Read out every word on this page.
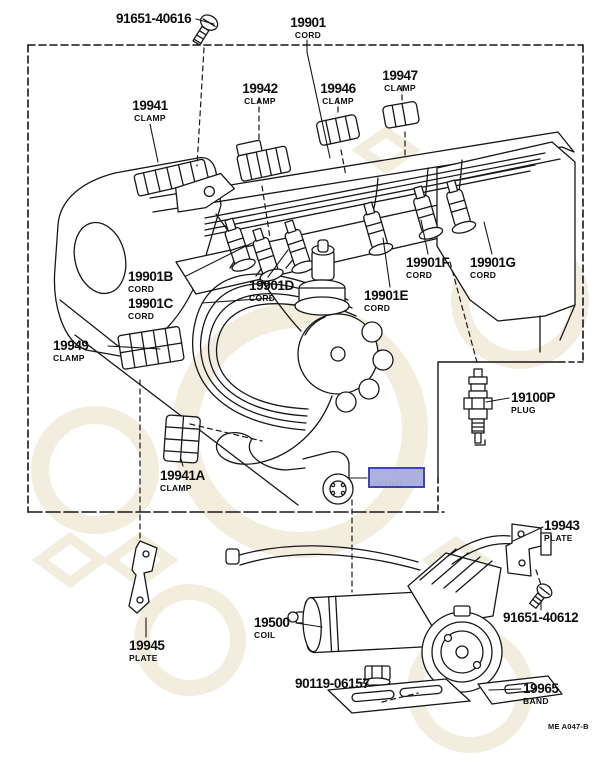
91651-40616	19901
CORD
19941
CLAMP
19942
CLAMP
19946
CLAMP
19947
CLAMP
19901B
CORD
19901C
CORD
19901D
CORD	19901E
CORD
19901F
CORD
19901G
CORD
19949
CLAMP
19100P
PLUG
19941A
CLAMP
19943
PLATE
91651-40612
19500
COIL
19945
PLATE
90119-06157	19965
BAND
ME A047-B
